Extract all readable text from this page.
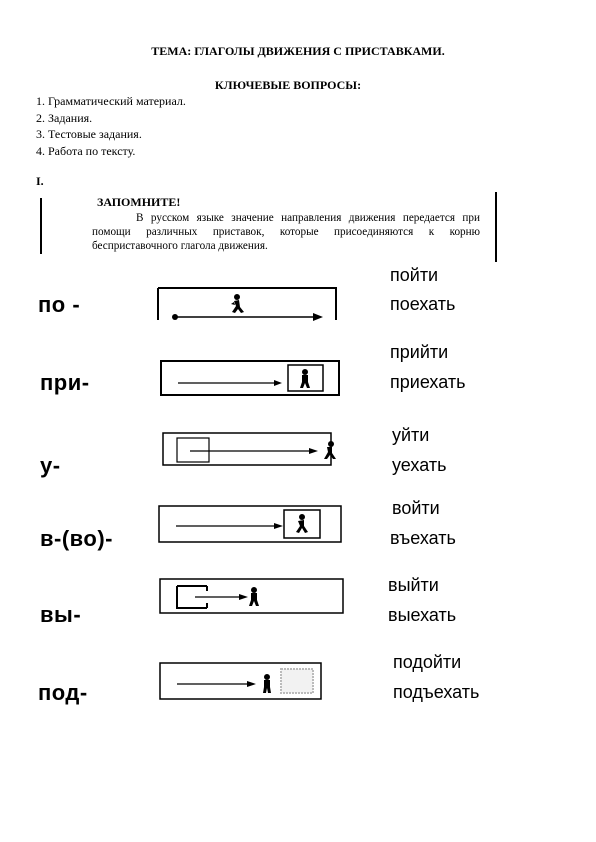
ТЕМА: ГЛАГОЛЫ ДВИЖЕНИЯ С ПРИСТАВКАМИ.
КЛЮЧЕВЫЕ ВОПРОСЫ:
1. Грамматический материал.
2. Задания.
3. Тестовые задания.
4. Работа по тексту.
I.
ЗАПОМНИТЕ!
В русском языке значение направления движения передается при помощи различных приставок, которые присоединяются к корню бесприставочного глагола движения.
по -
при-
у-
в-(во)-
вы-
под-
пойти
поехать
прийти
приехать
уйти
уехать
войти
въехать
выйти
выехать
подойти
подъехать
